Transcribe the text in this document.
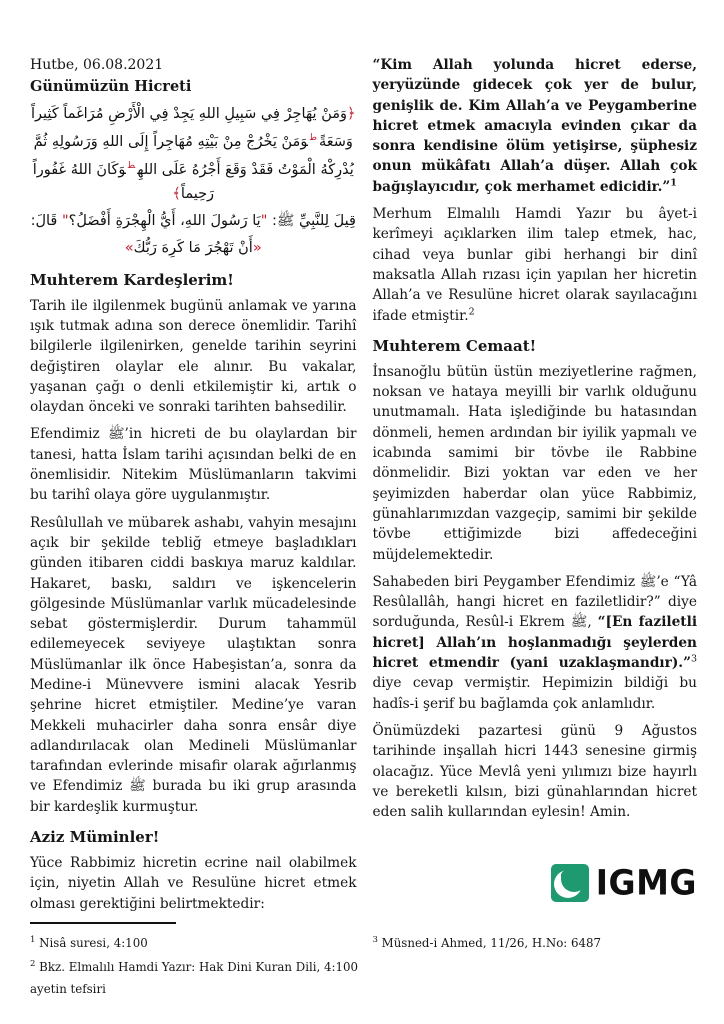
Hutbe, 06.08.2021
Günümüzün Hicreti
﴿وَمَنْ يُهَاجِرْ فِي سَبِيلِ اللهِ يَجِدْ فِي الْأَرْضِ مُرَاغَماً كَثِيراً وَسَعَةً$^ط$وَمَنْ يَخْرُجْ مِنْ بَيْتِهِ مُهَاجِراً إِلَى اللهِ وَرَسُولِهِ ثُمَّ يُدْرِكْهُ الْمَوْتُ فَقَدْ وَقَعَ أَجْرُهُ عَلَى اللهِ$^ط$وَكَانَ اللهُ غَفُوراً رَحِيماً﴾
قِيلَ لِلنَّبِيِّ ﷺ: "يَا رَسُولَ اللهِ، أَيُّ الْهِجْرَةِ أَفْضَلُ؟" قَالَ:
«أَنْ تَهْجُرَ مَا كَرِهَ رَبُّكَ»
Muhterem Kardeşlerim!

Tarih ile ilgilenmek bugünü anlamak ve yarına ışık tutmak adına son derece önemlidir. Tarihî bilgilerle ilgilenirken, genelde tarihin seyrini değiştiren olaylar ele alınır. Bu vakalar, yaşanan çağı o denli etkilemiştir ki, artık o olaydan önceki ve sonraki tarihten bahsedilir.

Efendimiz ﷺ’in hicreti de bu olaylardan bir tanesi, hatta İslam tarihi açısından belki de en önemlisidir. Nitekim Müslümanların takvimi bu tarihî olaya göre uygulanmıştır.

Resûlullah ve mübarek ashabı, vahyin mesajını açık bir şekilde tebliğ etmeye başladıkları günden itibaren ciddi baskıya maruz kaldılar. Hakaret, baskı, saldırı ve işkencelerin gölgesinde Müslümanlar varlık mücadelesinde sebat göstermişlerdir. Durum tahammül edilemeyecek seviyeye ulaştıktan sonra Müslümanlar ilk önce Habeşistan’a, sonra da Medine-i Münevvere ismini alacak Yesrib şehrine hicret etmiştiler. Medine’ye varan Mekkeli muhacirler daha sonra ensâr diye adlandırılacak olan Medineli Müslümanlar tarafından evlerinde misafir olarak ağırlanmış ve Efendimiz ﷺ burada bu iki grup arasında bir kardeşlik kurmuştur.

Aziz Müminler!

Yüce Rabbimiz hicretin ecrine nail olabilmek için, niyetin Allah ve Resulüne hicret etmek olması gerektiğini belirtmektedir:

“Kim Allah yolunda hicret ederse, yeryüzünde gidecek çok yer de bulur, genişlik de. Kim Allah’a ve Peygamberine hicret etmek amacıyla evinden çıkar da sonra kendisine ölüm yetişirse, şüphesiz onun mükâfatı Allah’a düşer. Allah çok bağışlayıcıdır, çok merhamet edicidir.”$^1$

Merhum Elmalılı Hamdi Yazır bu âyet-i kerîmeyi açıklarken ilim talep etmek, hac, cihad veya bunlar gibi herhangi bir dinî maksatla Allah rızası için yapılan her hicretin Allah’a ve Resulüne hicret olarak sayılacağını ifade etmiştir.$^2$

Muhterem Cemaat!

İnsanoğlu bütün üstün meziyetlerine rağmen, noksan ve hataya meyilli bir varlık olduğunu unutmamalı. Hata işlediğinde bu hatasından dönmeli, hemen ardından bir iyilik yapmalı ve icabında samimi bir tövbe ile Rabbine dönmelidir. Bizi yoktan var eden ve her şeyimizden haberdar olan yüce Rabbimiz, günahlarımızdan vazgeçip, samimi bir şekilde tövbe ettiğimizde bizi affedeceğini müjdelemektedir.

Sahabeden biri Peygamber Efendimiz ﷺ’e “Yâ Resûlallâh, hangi hicret en faziletlidir?” diye sorduğunda, Resûl-i Ekrem ﷺ, “[En faziletli hicret] Allah’ın hoşlanmadığı şeylerden hicret etmendir (yani uzaklaşmandır).”$^3$ diye cevap vermiştir. Hepimizin bildiği bu hadîs-i şerif bu bağlamda çok anlamlıdır.

Önümüzdeki pazartesi günü 9 Ağustos tarihinde inşallah hicri 1443 senesine girmiş olacağız. Yüce Mevlâ yeni yılımızı bize hayırlı ve bereketli kılsın, bizi günahlarından hicret eden salih kullarından eylesin! Amin.

IGMG
$^1$ Nisâ suresi, 4:100
$^2$ Bkz. Elmalılı Hamdi Yazır: Hak Dini Kuran Dili, 4:100 ayetin tefsiri
$^3$ Müsned-i Ahmed, 11/26, H.No: 6487
